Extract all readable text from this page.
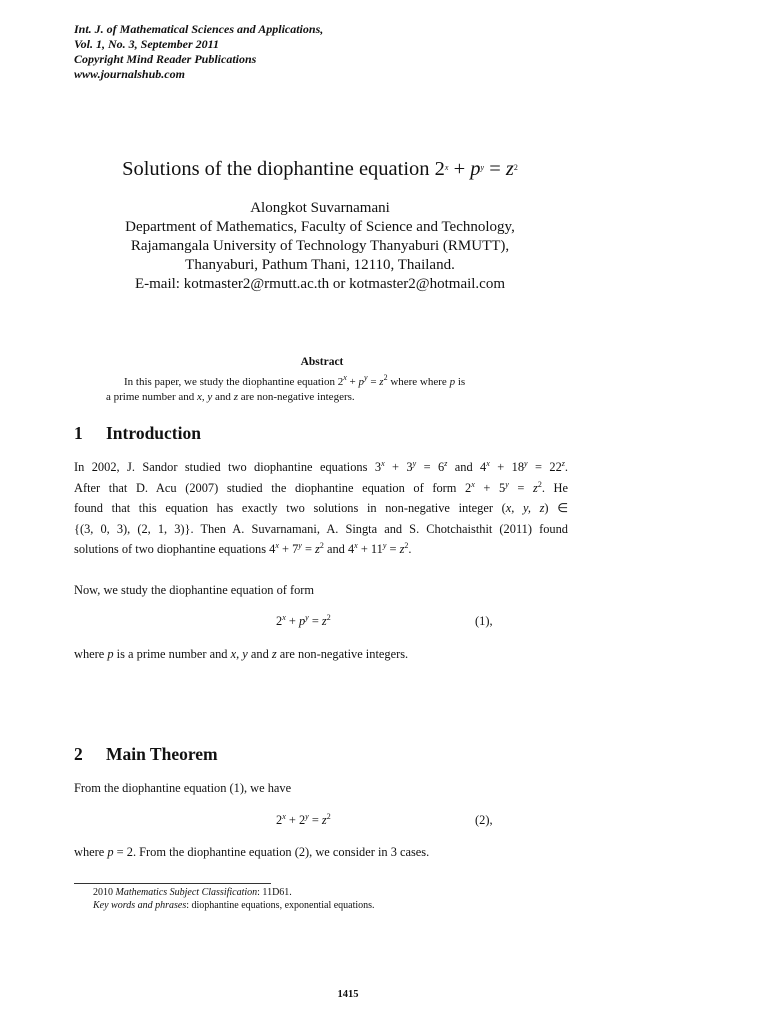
Int. J. of Mathematical Sciences and Applications,
Vol. 1, No. 3, September 2011
Copyright Mind Reader Publications
www.journalshub.com
Solutions of the diophantine equation $2^x + p^y = z^2$
Alongkot Suvarnamani
Department of Mathematics, Faculty of Science and Technology,
Rajamangala University of Technology Thanyaburi (RMUTT),
Thanyaburi, Pathum Thani, 12110, Thailand.
E-mail: kotmaster2@rmutt.ac.th or kotmaster2@hotmail.com
Abstract
In this paper, we study the diophantine equation $2^x + p^y = z^2$ where where p is
a prime number and x, y and z are non-negative integers.
1 Introduction
In 2002, J. Sandor studied two diophantine equations $3^x + 3^y = 6^z$ and $4^x + 18^y = 22^z$.
After that D. Acu (2007) studied the diophantine equation of form $2^x + 5^y = z^2$. He
found that this equation has exactly two solutions in non-negative integer (x, y, z) ∈
{(3, 0, 3), (2, 1, 3)}. Then A. Suvarnamani, A. Singta and S. Chotchaisthit (2011) found
solutions of two diophantine equations $4^x + 7^y = z^2$ and $4^x + 11^y = z^2$.
Now, we study the diophantine equation of form
$2^x + p^y = z^2$	(1),
where p is a prime number and x, y and z are non-negative integers.
2 Main Theorem
From the diophantine equation (1), we have
$2^x + 2^y = z^2$	(2),
where p = 2. From the diophantine equation (2), we consider in 3 cases.
2010 Mathematics Subject Classification: 11D61.
Key words and phrases: diophantine equations, exponential equations.
1415
